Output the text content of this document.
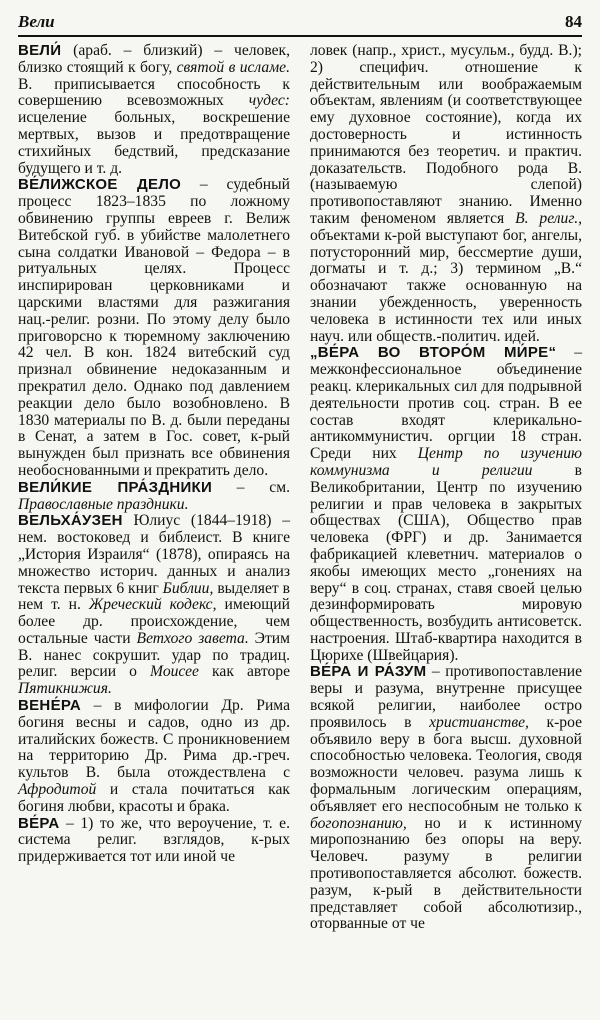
Вели	84

ВЕЛИ́ (араб. – близкий) – человек, близко стоящий к богу, святой в исламе. В. приписывается способность к совершению всевозможных чудес: исцеление больных, воскрешение мертвых, вызов и предотвращение стихийных бедствий, предсказание будущего и т. д.

ВЕ́ЛИЖСКОЕ ДЕЛО – судебный процесс 1823–1835 по ложному обвинению группы евреев г. Велиж Витебской губ. в убийстве малолетнего сына солдатки Ивановой – Федора – в ритуальных целях. Процесс инспирирован церковниками и царскими властями для разжигания нац.-религ. розни. По этому делу было приговорсно к тюремному заключению 42 чел. В кон. 1824 витебский суд признал обвинение недоказанным и прекратил дело. Однако под давлением реакции дело было возобновлено. В 1830 материалы по В. д. были переданы в Сенат, а затем в Гос. совет, к-рый вынужден был признать все обвинения необоснованными и прекратить дело.

ВЕЛИ́КИЕ ПРА́ЗДНИКИ – см. Православные праздники.

ВЕЛЬХА́УЗЕН Юлиус (1844–1918) – нем. востоковед и библеист. В книге „История Израиля“ (1878), опираясь на множество историч. данных и анализ текста первых 6 книг Библии, выделяет в нем т. н. Жреческий кодекс, имеющий более др. происхождение, чем остальные части Ветхого завета. Этим В. нанес сокрушит. удар по традиц. религ. версии о Моисее как авторе Пятикнижия.

ВЕНЕ́РА – в мифологии Др. Рима богиня весны и садов, одно из др. италийских божеств. С проникновением на территорию Др. Рима др.-греч. культов В. была отождествлена с Афродитой и стала почитаться как богиня любви, красоты и брака.

ВЕ́РА – 1) то же, что вероучение, т. е. система религ. взглядов, к-рых придерживается тот или иной че

ловек (напр., христ., мусульм., будд. В.); 2) специфич. отношение к действительным или воображаемым объектам, явлениям (и соответствующее ему духовное состояние), когда их достоверность и истинность принимаются без теоретич. и практич. доказательств. Подобного рода В. (называемую слепой) противопоставляют знанию. Именно таким феноменом является В. религ., объектами к-рой выступают бог, ангелы, потусторонний мир, бессмертие души, догматы и т. д.; 3) термином „В.“ обозначают также основанную на знании убежденность, уверенность человека в истинности тех или иных науч. или обществ.-политич. идей.

„ВЕ́РА ВО ВТОРО́М МИ́РЕ“ – межконфессиональное объединение реакц. клерикальных сил для подрывной деятельности против соц. стран. В ее состав входят клерикально-антикоммунистич. оргции 18 стран. Среди них Центр по изучению коммунизма и религии в Великобритании, Центр по изучению религии и прав человека в закрытых обществах (США), Общество прав человека (ФРГ) и др. Занимается фабрикацией клеветнич. материалов о якобы имеющих место „гонениях на веру“ в соц. странах, ставя своей целью дезинформировать мировую общественность, возбудить антисоветск. настроения. Штаб-квартира находится в Цюрихе (Швейцария).

ВЕ́РА И РА́ЗУМ – противопоставление веры и разума, внутренне присущее всякой религии, наиболее остро проявилось в христианстве, к-рое объявило веру в бога высш. духовной способностью человека. Теология, сводя возможности человеч. разума лишь к формальным логическим операциям, объявляет его неспособным не только к богопознанию, но и к истинному миропознанию без опоры на веру. Человеч. разуму в религии противопоставляется абсолют. божеств. разум, к-рый в действительности представляет собой абсолютизир., оторванные от че
